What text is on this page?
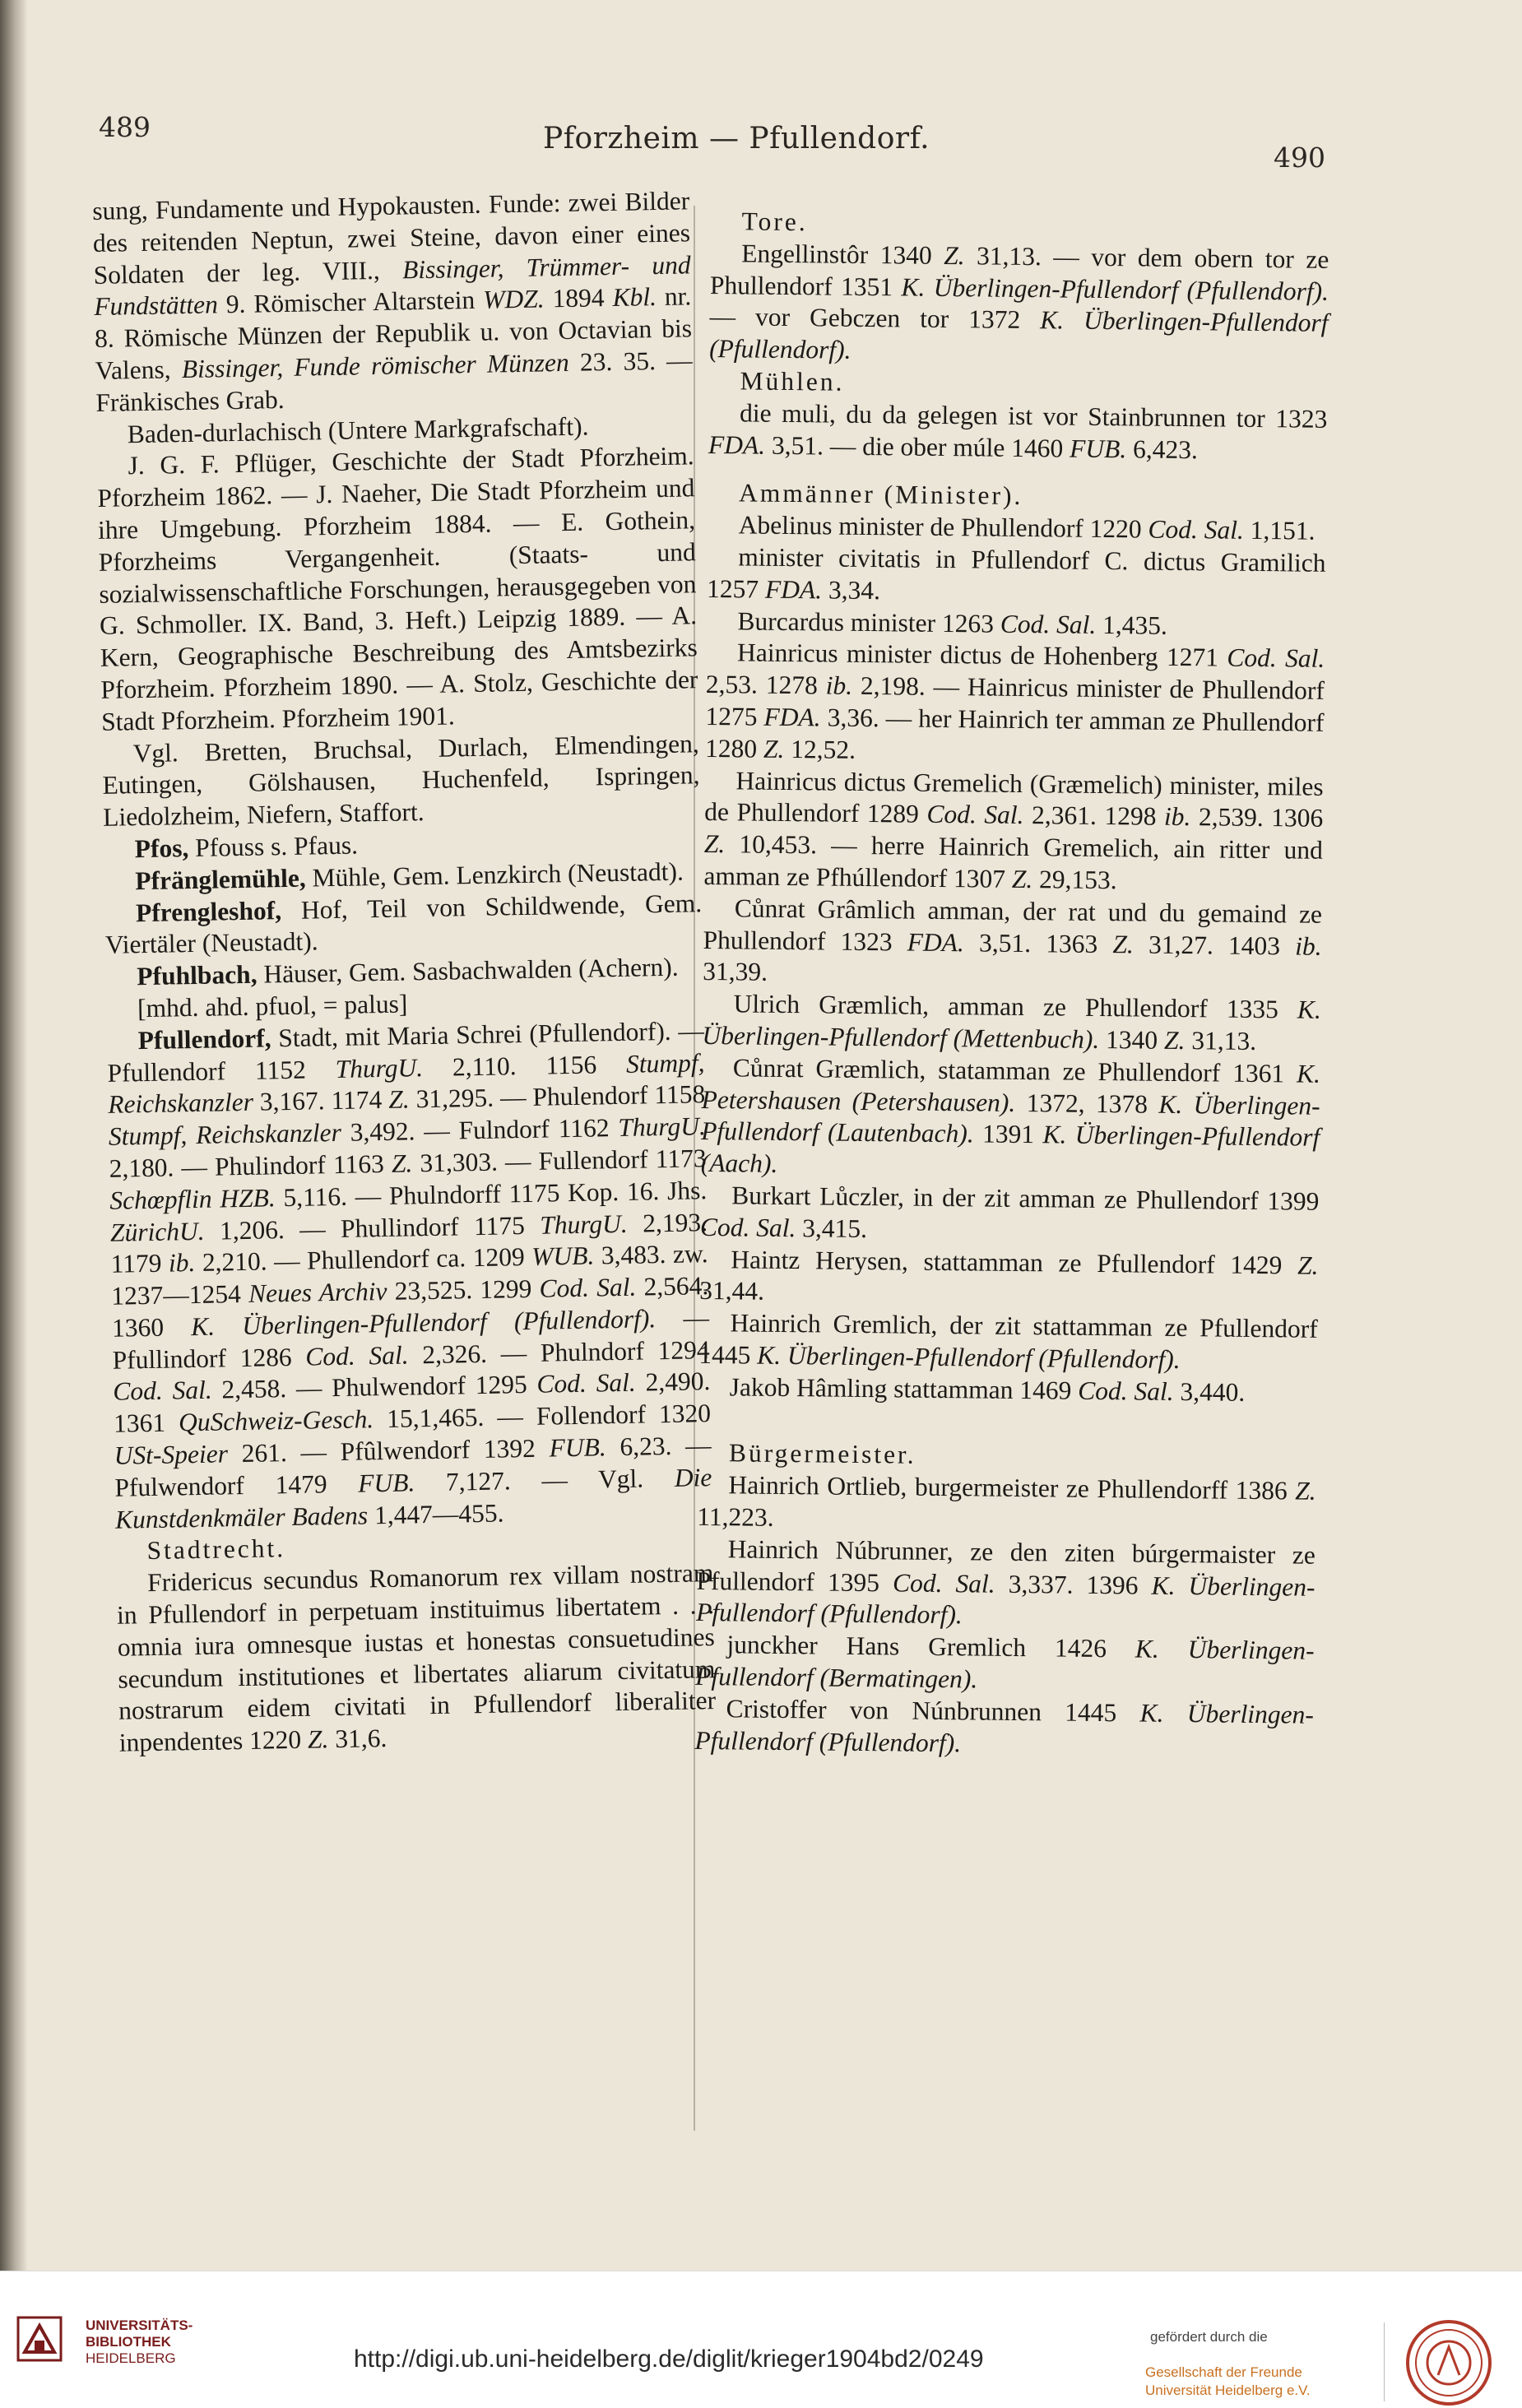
489	Pforzheim — Pfullendorf.
490

sung, Fundamente und Hypokausten. Funde: zwei Bilder des reitenden Neptun, zwei Steine, davon einer eines Soldaten der leg. VIII., Bissinger, Trümmer- und Fundstätten 9. Römischer Altarstein WDZ. 1894 Kbl. nr. 8. Römische Münzen der Republik u. von Octavian bis Valens, Bissinger, Funde römischer Münzen 23. 35. — Fränkisches Grab.

Baden-durlachisch (Untere Markgrafschaft).

J. G. F. Pflüger, Geschichte der Stadt Pforzheim. Pforzheim 1862. — J. Naeher, Die Stadt Pforzheim und ihre Umgebung. Pforzheim 1884. — E. Gothein, Pforzheims Vergangenheit. (Staats- und sozialwissenschaftliche Forschungen, herausgegeben von G. Schmoller. IX. Band, 3. Heft.) Leipzig 1889. — A. Kern, Geographische Beschreibung des Amtsbezirks Pforzheim. Pforzheim 1890. — A. Stolz, Geschichte der Stadt Pforzheim. Pforzheim 1901.

Vgl. Bretten, Bruchsal, Durlach, Elmendingen, Eutingen, Gölshausen, Huchenfeld, Ispringen, Liedolzheim, Niefern, Staffort.

Pfos, Pfouss s. Pfaus.

Pfränglemühle, Mühle, Gem. Lenzkirch (Neustadt).

Pfrengleshof, Hof, Teil von Schildwende, Gem. Viertäler (Neustadt).

Pfuhlbach, Häuser, Gem. Sasbachwalden (Achern).

[mhd. ahd. pfuol, = palus]

Pfullendorf, Stadt, mit Maria Schrei (Pfullendorf). — Pfullendorf 1152 ThurgU. 2,110. 1156 Stumpf, Reichskanzler 3,167. 1174 Z. 31,295. — Phulendorf 1158 Stumpf, Reichskanzler 3,492. — Fulndorf 1162 ThurgU. 2,180. — Phulindorf 1163 Z. 31,303. — Fullendorf 1173 Schœpflin HZB. 5,116. — Phulndorff 1175 Kop. 16. Jhs. ZürichU. 1,206. — Phullindorf 1175 ThurgU. 2,193. 1179 ib. 2,210. — Phullendorf ca. 1209 WUB. 3,483. zw. 1237—1254 Neues Archiv 23,525. 1299 Cod. Sal. 2,564. 1360 K. Überlingen-Pfullendorf (Pfullendorf). — Pfullindorf 1286 Cod. Sal. 2,326. — Phulndorf 1294 Cod. Sal. 2,458. — Phulwendorf 1295 Cod. Sal. 2,490. 1361 QuSchweiz-Gesch. 15,1,465. — Follendorf 1320 USt-Speier 261. — Pfûlwendorf 1392 FUB. 6,23. — Pfulwendorf 1479 FUB. 7,127. — Vgl. Die Kunstdenkmäler Badens 1,447—455.

Stadtrecht.

Fridericus secundus Romanorum rex villam nostram in Pfullendorf in perpetuam instituimus libertatem . . . omnia iura omnesque iustas et honestas consuetudines secundum institutiones et libertates aliarum civitatum nostrarum eidem civitati in Pfullendorf liberaliter inpendentes 1220 Z. 31,6.

Tore.

Engellinstôr 1340 Z. 31,13. — vor dem obern tor ze Phullendorf 1351 K. Überlingen-Pfullendorf (Pfullendorf). — vor Gebczen tor 1372 K. Überlingen-Pfullendorf (Pfullendorf).

Mühlen.

die muli, du da gelegen ist vor Stainbrunnen tor 1323 FDA. 3,51. — die ober múle 1460 FUB. 6,423.

Ammänner (Minister).

Abelinus minister de Phullendorf 1220 Cod. Sal. 1,151.

minister civitatis in Pfullendorf C. dictus Gramilich 1257 FDA. 3,34.

Burcardus minister 1263 Cod. Sal. 1,435.

Hainricus minister dictus de Hohenberg 1271 Cod. Sal. 2,53. 1278 ib. 2,198. — Hainricus minister de Phullendorf 1275 FDA. 3,36. — her Hainrich ter amman ze Phullendorf 1280 Z. 12,52.

Hainricus dictus Gremelich (Græmelich) minister, miles de Phullendorf 1289 Cod. Sal. 2,361. 1298 ib. 2,539. 1306 Z. 10,453. — herre Hainrich Gremelich, ain ritter und amman ze Pfhúllendorf 1307 Z. 29,153.

Cůnrat Grâmlich amman, der rat und du gemaind ze Phullendorf 1323 FDA. 3,51. 1363 Z. 31,27. 1403 ib. 31,39.

Ulrich Græmlich, amman ze Phullendorf 1335 K. Überlingen-Pfullendorf (Mettenbuch). 1340 Z. 31,13.

Cůnrat Græmlich, statamman ze Phullendorf 1361 K. Petershausen (Petershausen). 1372, 1378 K. Überlingen-Pfullendorf (Lautenbach). 1391 K. Überlingen-Pfullendorf (Aach).

Burkart Lůczler, in der zit amman ze Phullendorf 1399 Cod. Sal. 3,415.

Haintz Herysen, stattamman ze Pfullendorf 1429 Z. 31,44.

Hainrich Gremlich, der zit stattamman ze Pfullendorf 1445 K. Überlingen-Pfullendorf (Pfullendorf).

Jakob Hâmling stattamman 1469 Cod. Sal. 3,440.

Bürgermeister.

Hainrich Ortlieb, burgermeister ze Phullendorff 1386 Z. 11,223.

Hainrich Núbrunner, ze den ziten búrgermaister ze Pfullendorf 1395 Cod. Sal. 3,337. 1396 K. Überlingen-Pfullendorf (Pfullendorf).

junckher Hans Gremlich 1426 K. Überlingen-Pfullendorf (Bermatingen).

Cristoffer von Núnbrunnen 1445 K. Überlingen-Pfullendorf (Pfullendorf).

UNIVERSITÄTS-
BIBLIOTHEK
HEIDELBERG	http://digi.ub.uni-heidelberg.de/diglit/krieger1904bd2/0249
gefördert durch die
Gesellschaft der Freunde
Universität Heidelberg e.V.
